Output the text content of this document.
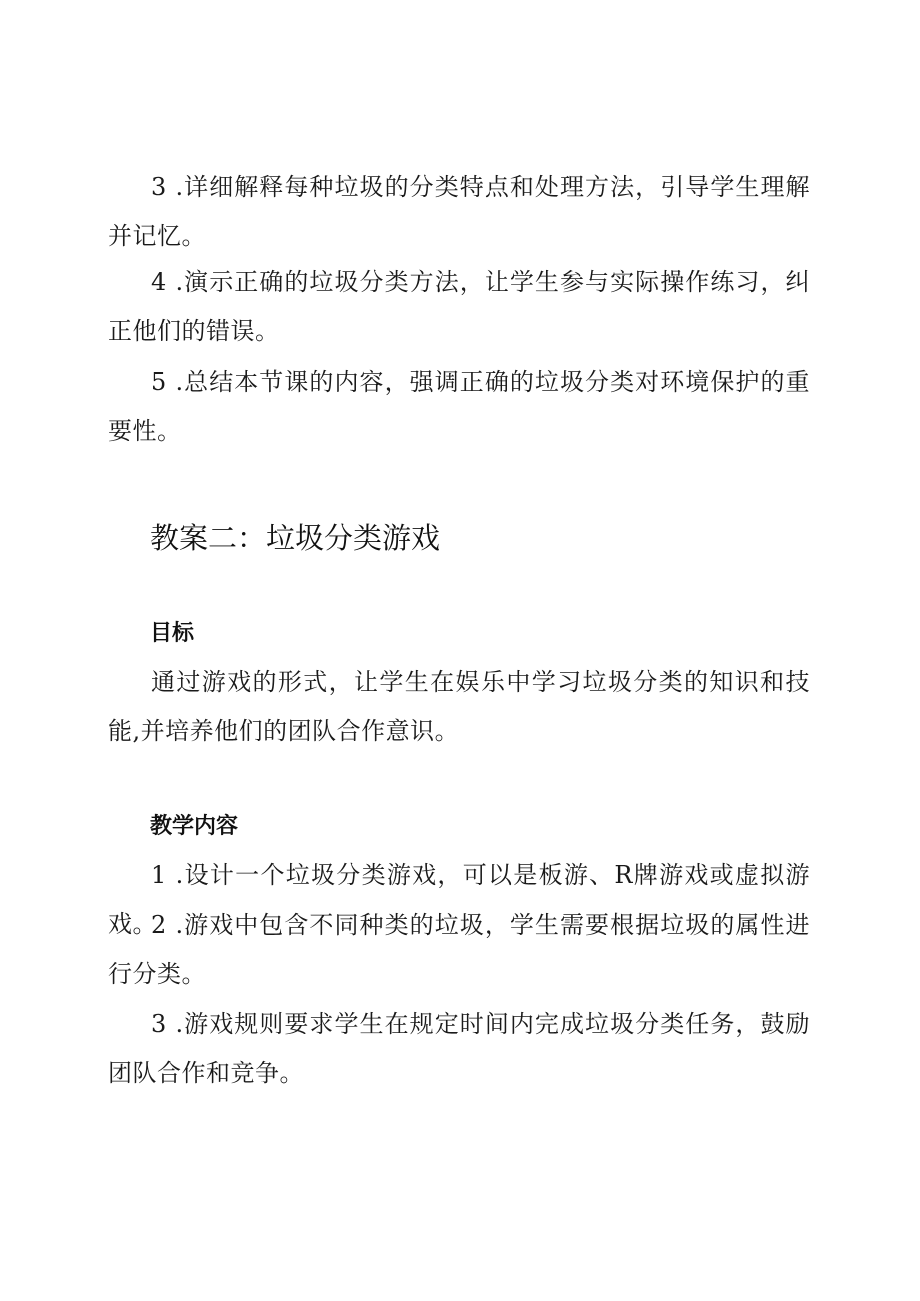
3 .详细解释每种垃圾的分类特点和处理方法，引导学生理解并记忆。

4 .演示正确的垃圾分类方法，让学生参与实际操作练习，纠正他们的错误。

5 .总结本节课的内容，强调正确的垃圾分类对环境保护的重要性。

教案二：垃圾分类游戏
目标

通过游戏的形式，让学生在娱乐中学习垃圾分类的知识和技能,并培养他们的团队合作意识。

教学内容

1 .设计一个垃圾分类游戏，可以是板游、R牌游戏或虚拟游戏。

2 .游戏中包含不同种类的垃圾，学生需要根据垃圾的属性进行分类。

3 .游戏规则要求学生在规定时间内完成垃圾分类任务，鼓励团队合作和竞争。
